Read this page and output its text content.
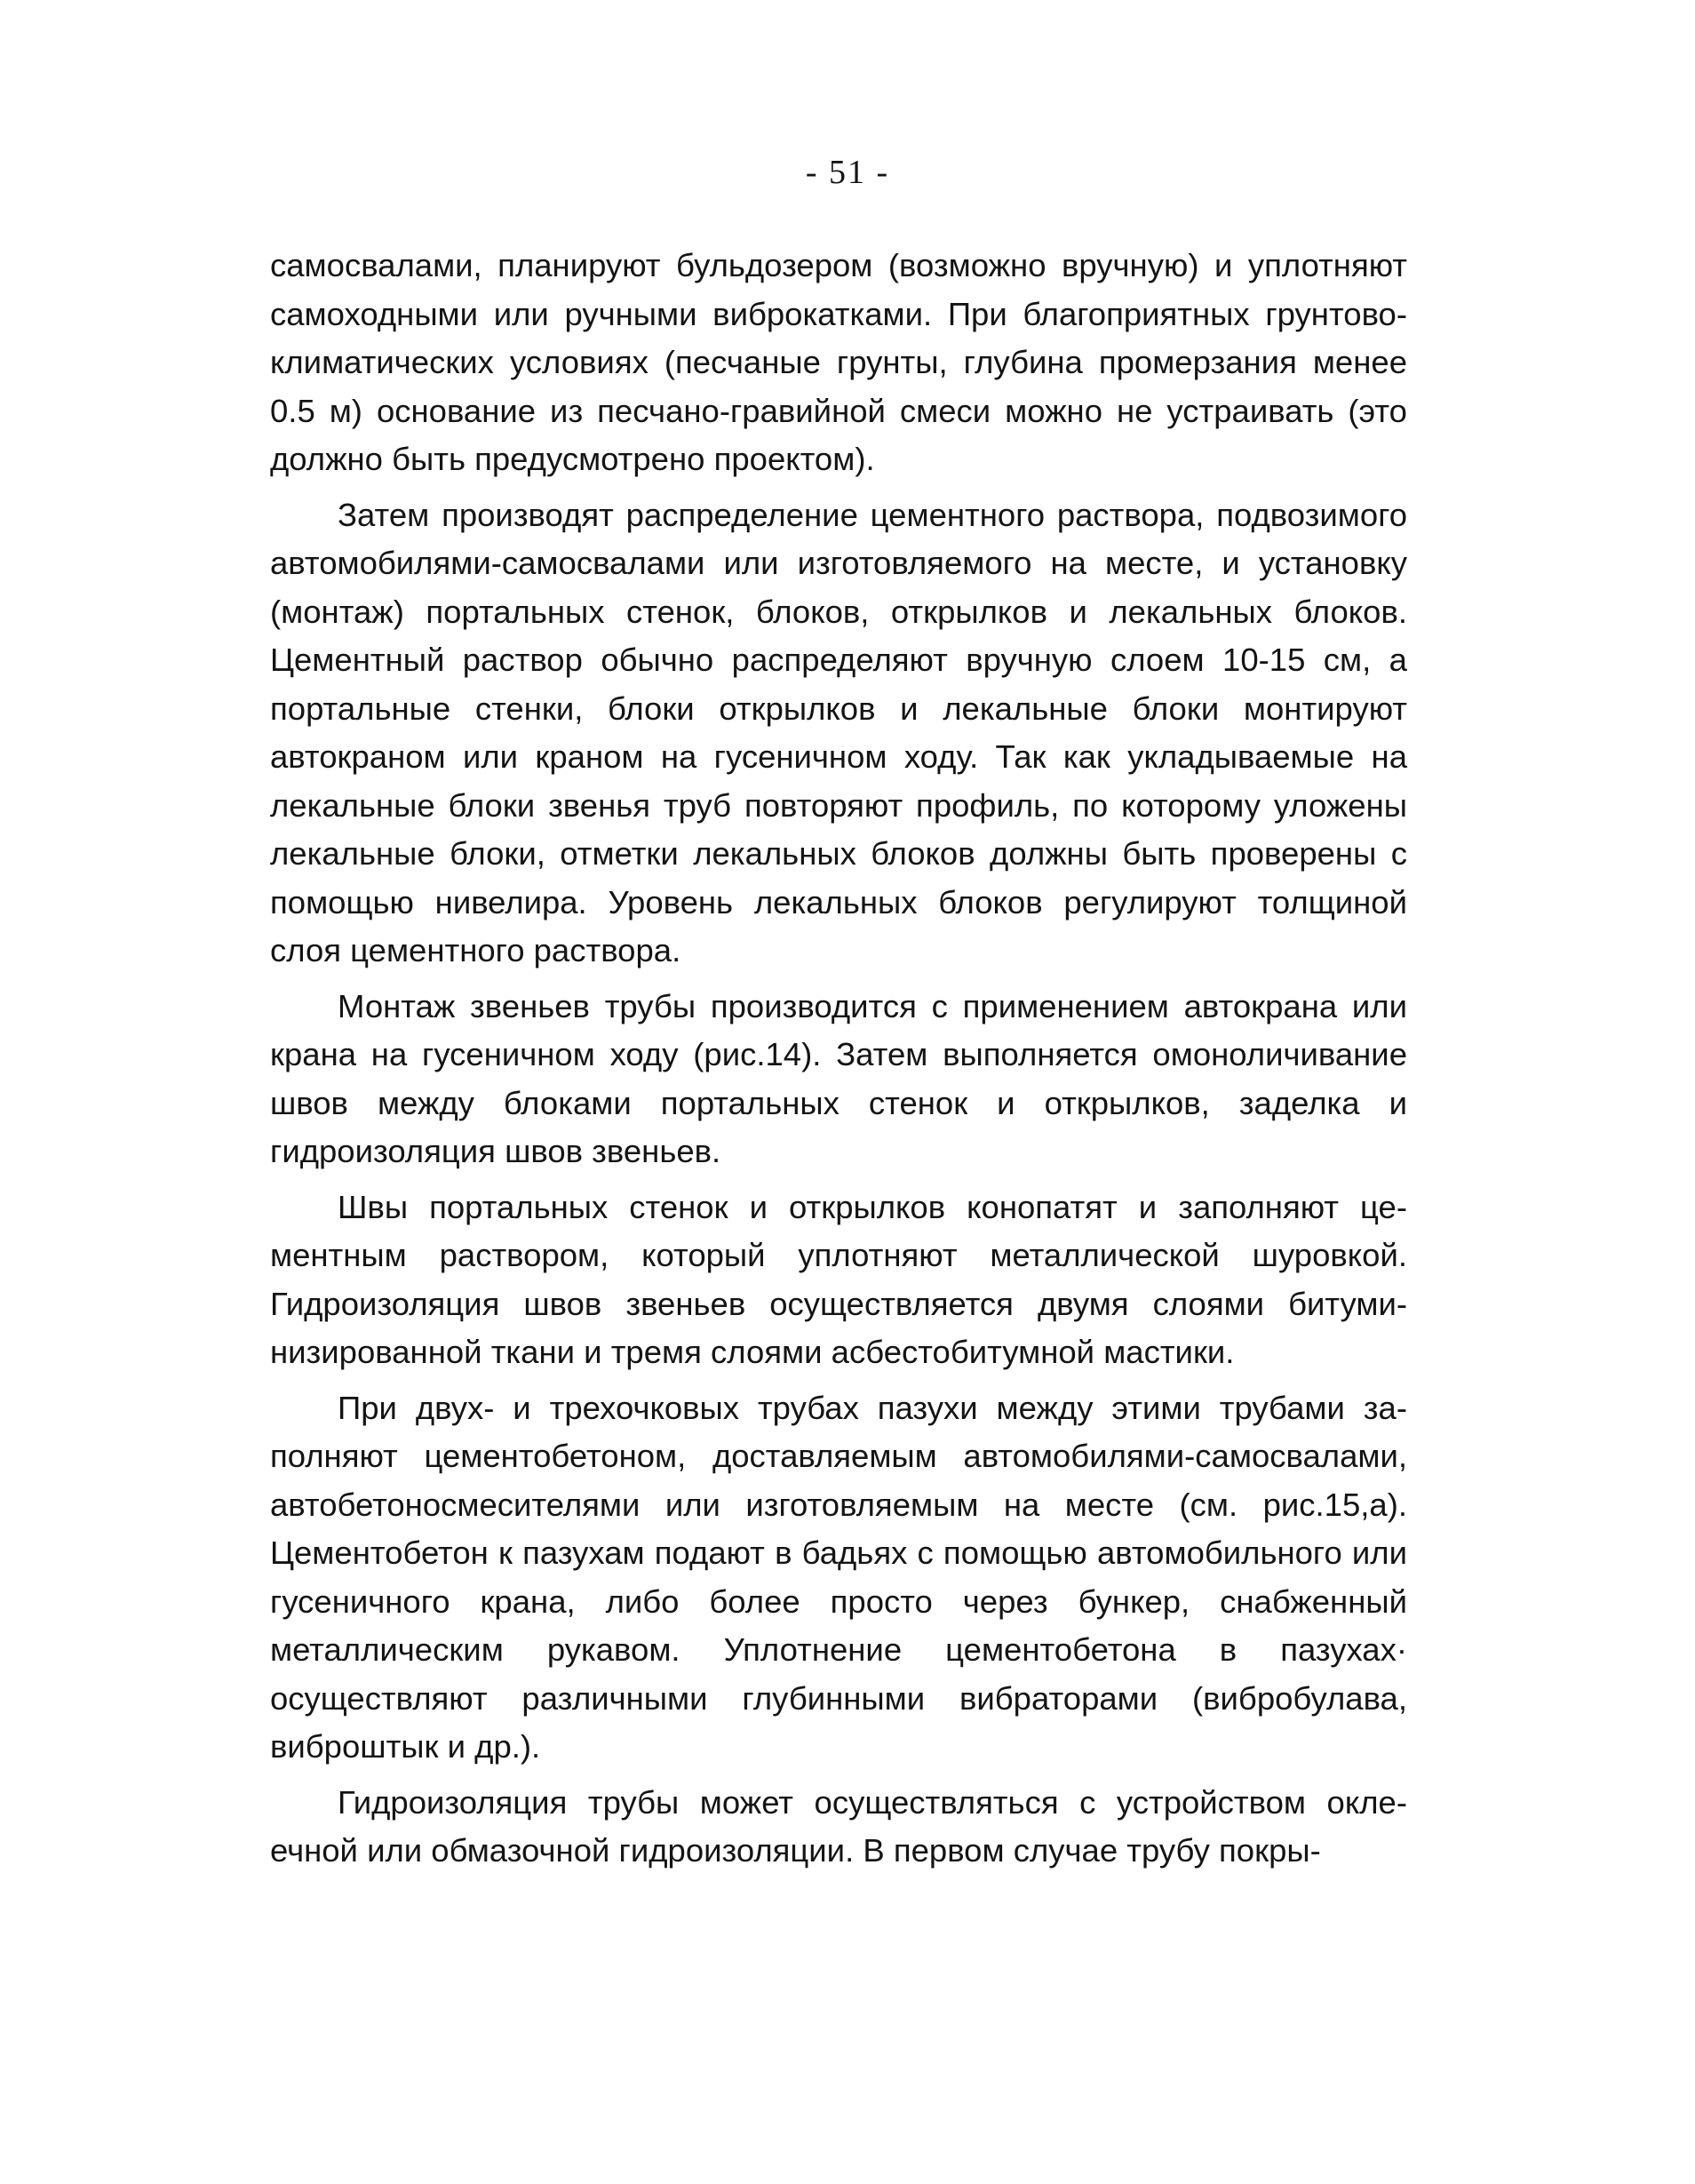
- 51 -

самосвалами, планируют бульдозером (возможно вручную) и уплотняют самоходными или ручными виброкатками. При благоприятных грунтово-климатических условиях (песчаные грунты, глубина промерзания менее 0.5 м) основание из песчано-гравийной смеси можно не устраивать (это должно быть предусмотрено проектом).

Затем производят распределение цементного раствора, подвозимого автомобилями-самосвалами или изготовляемого на месте, и установку (монтаж) портальных стенок, блоков, открылков и лекальных блоков. Цементный раствор обычно распределяют вручную слоем 10-15 см, а портальные стенки, блоки открылков и лекальные блоки монтируют автокраном или краном на гусеничном ходу. Так как укладываемые на лекальные блоки звенья труб повторяют профиль, по которому уложены лекальные блоки, отметки лекальных блоков должны быть проверены с помощью нивелира. Уровень лекальных блоков регулируют толщиной слоя цементного раствора.

Монтаж звеньев трубы производится с применением автокрана или крана на гусеничном ходу (рис.14). Затем выполняется омоноличивание швов между блоками портальных стенок и открылков, заделка и гидроизоляция швов звеньев.

Швы портальных стенок и открылков конопатят и заполняют цементным раствором, который уплотняют металлической шуровкой. Гидроизоляция швов звеньев осуществляется двумя слоями битуминизированной ткани и тремя слоями асбестобитумной мастики.

При двух- и трехочковых трубах пазухи между этими трубами заполняют цементобетоном, доставляемым автомобилями-самосвалами, автобетоносмесителями или изготовляемым на месте (см. рис.15,а). Цементобетон к пазухам подают в бадьях с помощью автомобильного или гусеничного крана, либо более просто через бункер, снабженный металлическим рукавом. Уплотнение цементобетона в пазухах· осуществляют различными глубинными вибраторами (вибробулава, виброштык и др.).

Гидроизоляция трубы может осуществляться с устройством оклеечной или обмазочной гидроизоляции. В первом случае трубу покры-
